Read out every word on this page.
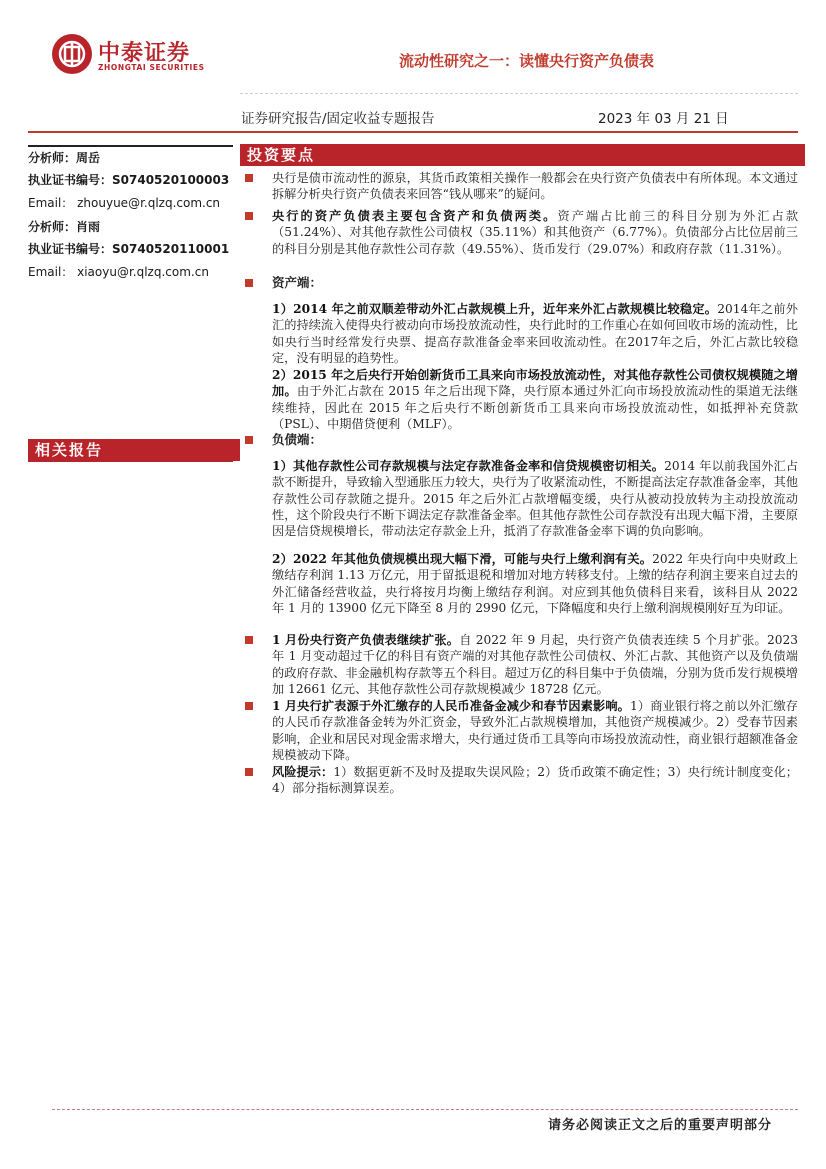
中泰证券
ZHONGTAI SECURITIES	流动性研究之一：读懂央行资产负债表
证券研究报告/固定收益专题报告	2023 年 03 月 21 日
分析师：周岳
执业证书编号：S0740520100003
Email： zhouyue@r.qlzq.com.cn
分析师：肖雨
执业证书编号：S0740520110001
Email： xiaoyu@r.qlzq.com.cn
相关报告
投资要点
央行是债市流动性的源泉，其货币政策相关操作一般都会在央行资产负债表中有所体现。本文通过拆解分析央行资产负债表来回答“钱从哪来”的疑问。
央行的资产负债表主要包含资产和负债两类。资产端占比前三的科目分别为外汇占款（51.24%）、对其他存款性公司债权（35.11%）和其他资产（6.77%）。负债部分占比位居前三的科目分别是其他存款性公司存款（49.55%）、货币发行（29.07%）和政府存款（11.31%）。
资产端：
1）2014 年之前双顺差带动外汇占款规模上升，近年来外汇占款规模比较稳定。2014年之前外汇的持续流入使得央行被动向市场投放流动性，央行此时的工作重心在如何回收市场的流动性，比如央行当时经常发行央票、提高存款准备金率来回收流动性。在2017年之后，外汇占款比较稳定，没有明显的趋势性。
2）2015 年之后央行开始创新货币工具来向市场投放流动性，对其他存款性公司债权规模随之增加。由于外汇占款在 2015 年之后出现下降，央行原本通过外汇向市场投放流动性的渠道无法继续维持，因此在 2015 年之后央行不断创新货币工具来向市场投放流动性，如抵押补充贷款（PSL）、中期借贷便利（MLF）。
负债端：
1）其他存款性公司存款规模与法定存款准备金率和信贷规模密切相关。2014 年以前我国外汇占款不断提升，导致输入型通胀压力较大，央行为了收紧流动性，不断提高法定存款准备金率，其他存款性公司存款随之提升。2015 年之后外汇占款增幅变缓，央行从被动投放转为主动投放流动性，这个阶段央行不断下调法定存款准备金率。但其他存款性公司存款没有出现大幅下滑，主要原因是信贷规模增长，带动法定存款金上升，抵消了存款准备金率下调的负向影响。
2）2022 年其他负债规模出现大幅下滑，可能与央行上缴利润有关。2022 年央行向中央财政上缴结存利润 1.13 万亿元，用于留抵退税和增加对地方转移支付。上缴的结存利润主要来自过去的外汇储备经营收益，央行将按月均衡上缴结存利润。对应到其他负债科目来看，该科目从 2022 年 1 月的 13900 亿元下降至 8 月的 2990 亿元，下降幅度和央行上缴利润规模刚好互为印证。
1 月份央行资产负债表继续扩张。自 2022 年 9 月起，央行资产负债表连续 5 个月扩张。2023 年 1 月变动超过千亿的科目有资产端的对其他存款性公司债权、外汇占款、其他资产以及负债端的政府存款、非金融机构存款等五个科目。超过万亿的科目集中于负债端，分别为货币发行规模增加 12661 亿元、其他存款性公司存款规模减少 18728 亿元。
1 月央行扩表源于外汇缴存的人民币准备金减少和春节因素影响。1）商业银行将之前以外汇缴存的人民币存款准备金转为外汇资金，导致外汇占款规模增加，其他资产规模减少。2）受春节因素影响，企业和居民对现金需求增大，央行通过货币工具等向市场投放流动性，商业银行超额准备金规模被动下降。
风险提示：1）数据更新不及时及提取失误风险；2）货币政策不确定性；3）央行统计制度变化；4）部分指标测算误差。
请务必阅读正文之后的重要声明部分
